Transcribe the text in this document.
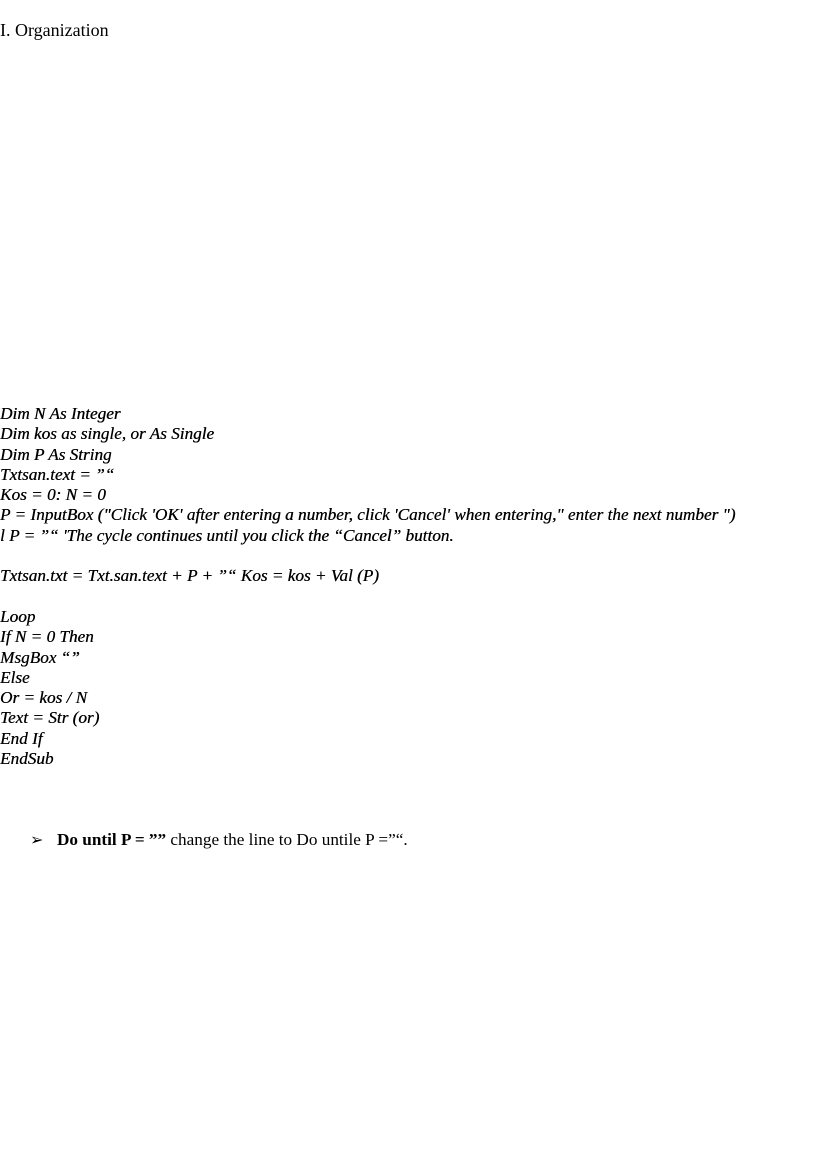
I. Organization
Dim N As Integer
Dim kos as single, or As Single
Dim P As String
Txtsan.text = ”“
Kos = 0: N = 0
P = InputBox ("Click 'OK' after entering a number, click 'Cancel' when entering," enter the next number ")
l P = ”“ 'The cycle continues until you click the “Cancel” button.
Txtsan.txt = Txt.san.text + P + ”“ Kos = kos + Val (P)
Loop
If N = 0 Then
MsgBox “”
Else
Or = kos / N
Text = Str (or)
End If
EndSub
➢ Do until P = ”” change the line to Do untile P =”“.
